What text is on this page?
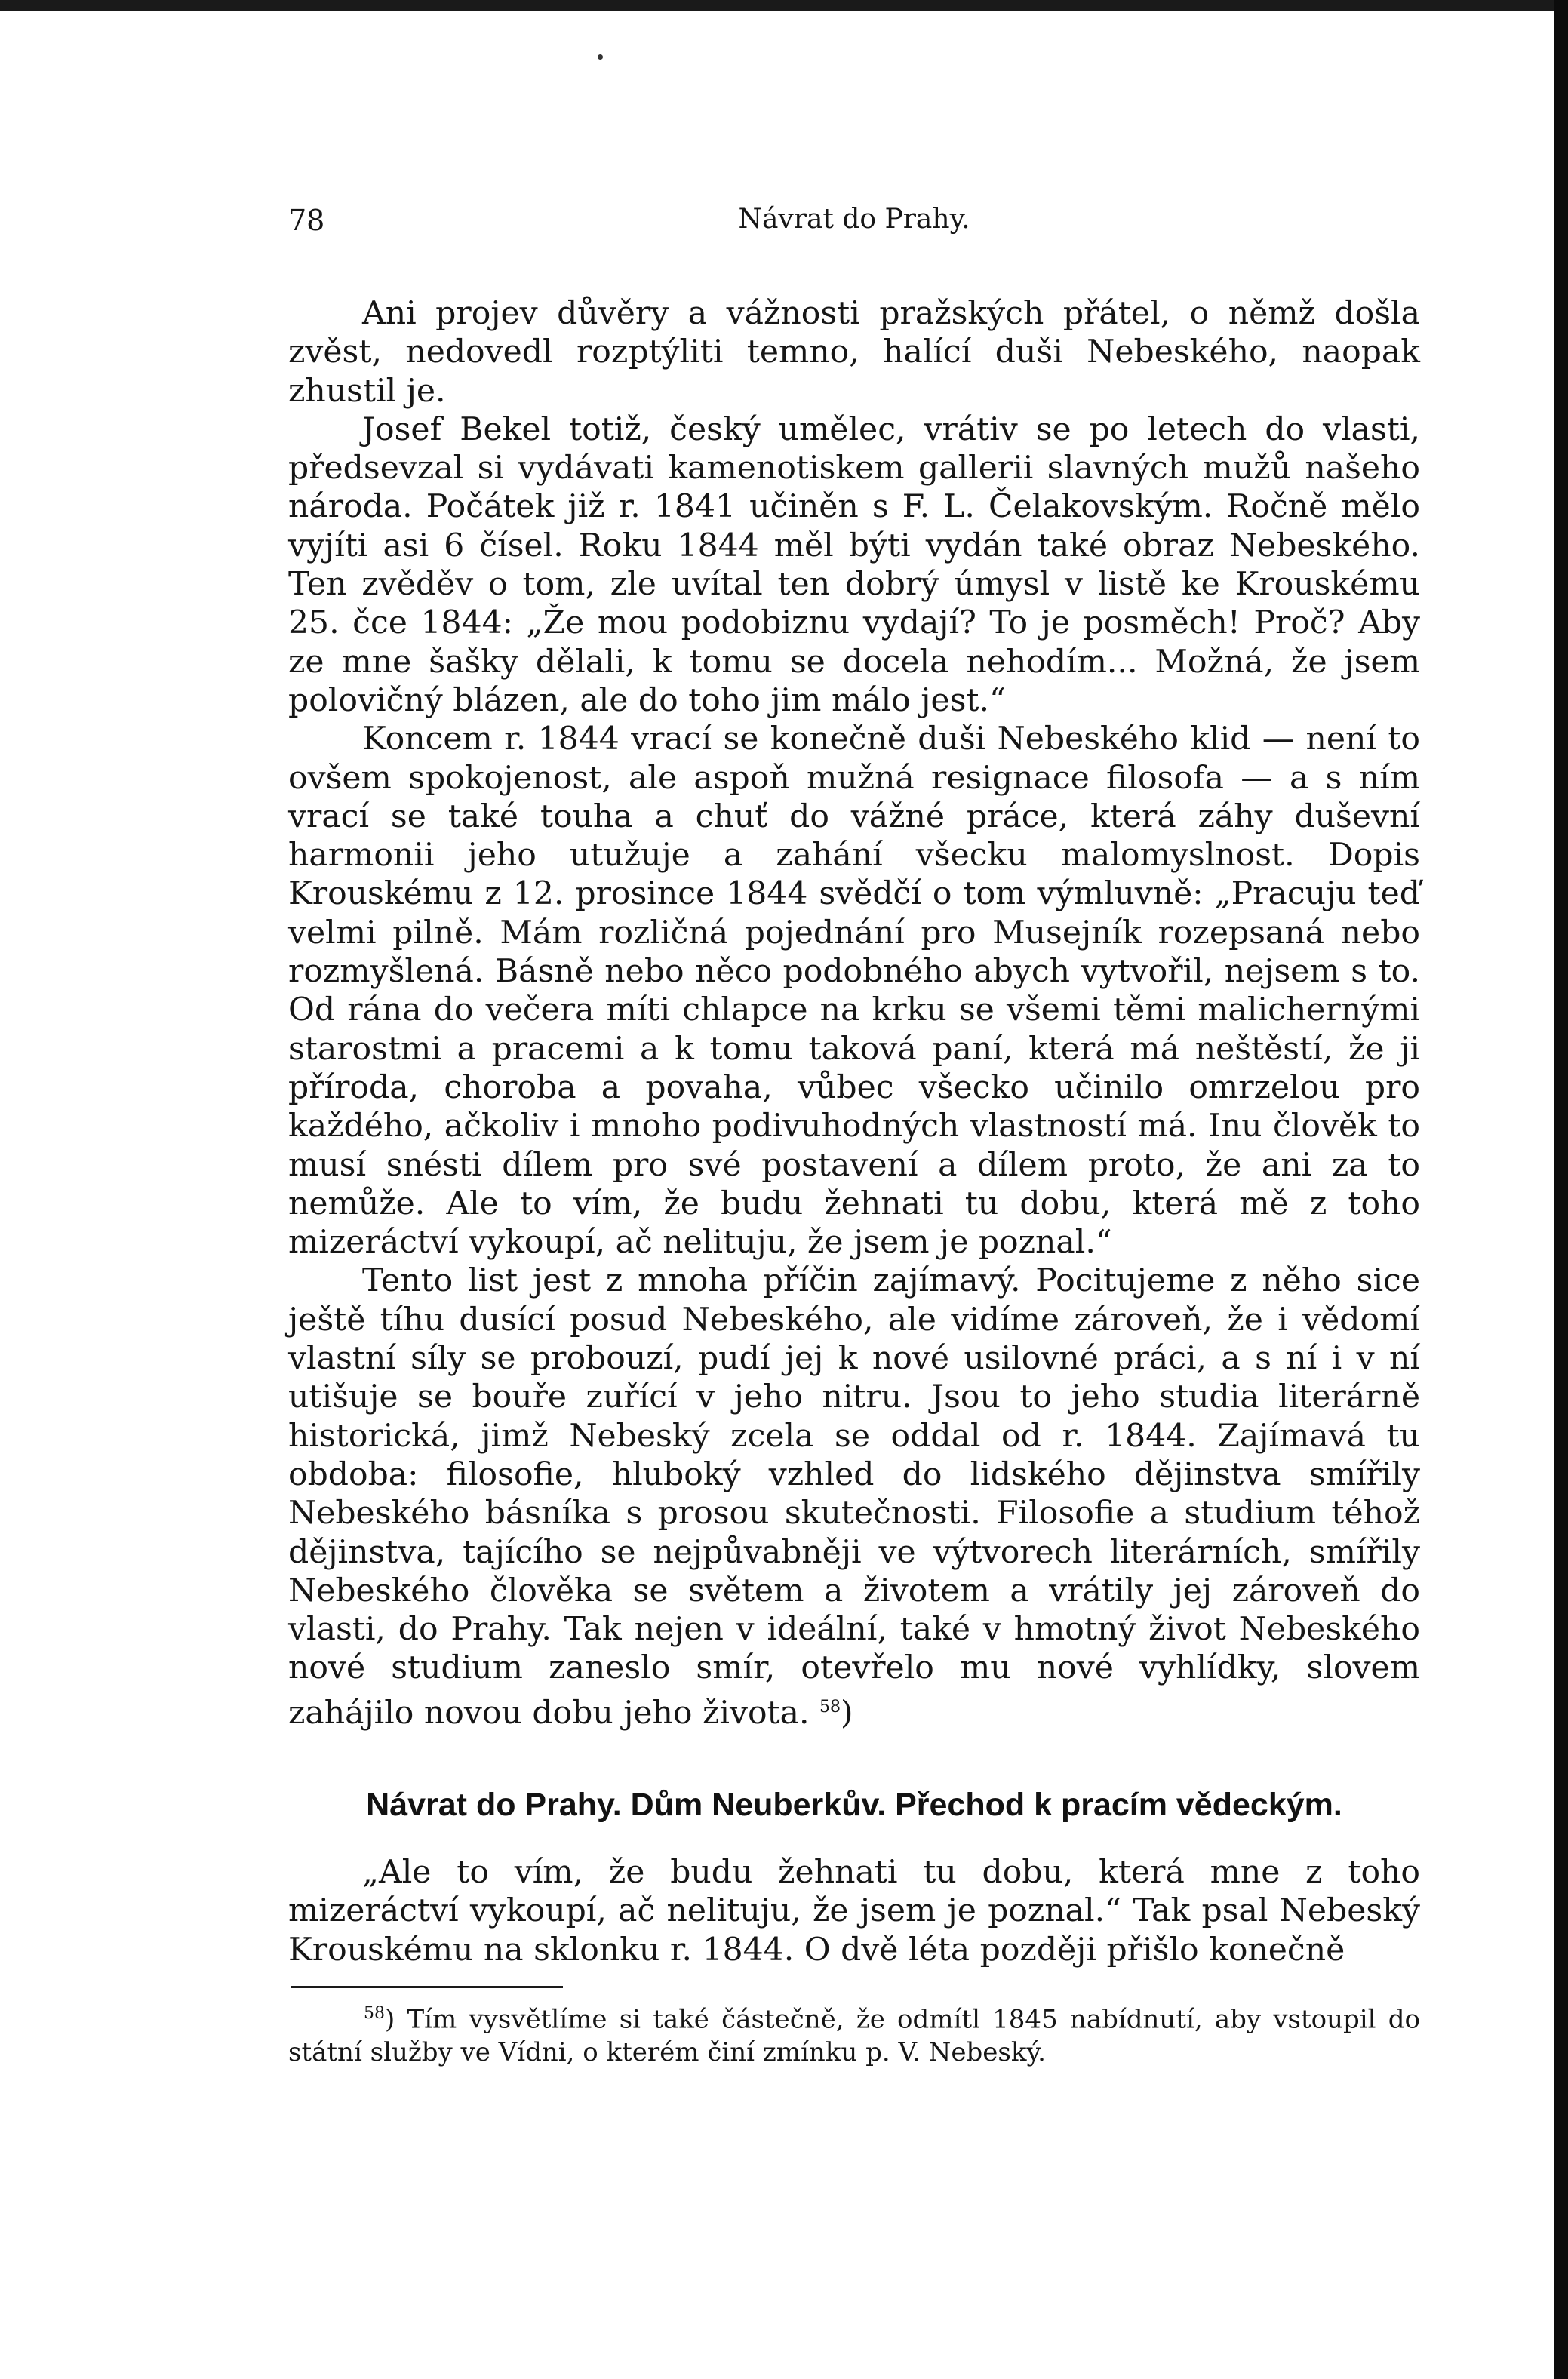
78	Návrat do Prahy.

Ani projev důvěry a vážnosti pražských přátel, o němž došla zvěst, nedovedl rozptýliti temno, halící duši Nebeského, naopak zhustil je.

Josef Bekel totiž, český umělec, vrátiv se po letech do vlasti, předsevzal si vydávati kamenotiskem gallerii slavných mužů našeho národa. Počátek již r. 1841 učiněn s F. L. Čelakovským. Ročně mělo vyjíti asi 6 čísel. Roku 1844 měl býti vydán také obraz Nebeského. Ten zvěděv o tom, zle uvítal ten dobrý úmysl v listě ke Krouskému 25. čce 1844: „Že mou podobiznu vydají? To je posměch! Proč? Aby ze mne šašky dělali, k tomu se docela nehodím... Možná, že jsem polovičný blázen, ale do toho jim málo jest.“

Koncem r. 1844 vrací se konečně duši Nebeského klid — není to ovšem spokojenost, ale aspoň mužná resignace filosofa — a s ním vrací se také touha a chuť do vážné práce, která záhy duševní harmonii jeho utužuje a zahání všecku malomyslnost. Dopis Krouskému z 12. prosince 1844 svědčí o tom výmluvně: „Pracuju teď velmi pilně. Mám rozličná pojednání pro Musejník rozepsaná nebo rozmyšlená. Básně nebo něco podobného abych vytvořil, nejsem s to. Od rána do večera míti chlapce na krku se všemi těmi malichernými starostmi a pracemi a k tomu taková paní, která má neštěstí, že ji příroda, choroba a povaha, vůbec všecko učinilo omrzelou pro každého, ačkoliv i mnoho podivuhodných vlastností má. Inu člověk to musí snésti dílem pro své postavení a dílem proto, že ani za to nemůže. Ale to vím, že budu žehnati tu dobu, která mě z toho mizeráctví vykoupí, ač nelituju, že jsem je poznal.“

Tento list jest z mnoha příčin zajímavý. Pocitujeme z něho sice ještě tíhu dusící posud Nebeského, ale vidíme zároveň, že i vědomí vlastní síly se probouzí, pudí jej k nové usilovné práci, a s ní i v ní utišuje se bouře zuřící v jeho nitru. Jsou to jeho studia literárně historická, jimž Nebeský zcela se oddal od r. 1844. Zajímavá tu obdoba: filosofie, hluboký vzhled do lidského dějinstva smířily Nebeského básníka s prosou skutečnosti. Filosofie a studium téhož dějinstva, tajícího se nejpůvabněji ve výtvorech literárních, smířily Nebeského člověka se světem a životem a vrátily jej zároveň do vlasti, do Prahy. Tak nejen v ideální, také v hmotný život Nebeského nové studium zaneslo smír, otevřelo mu nové vyhlídky, slovem zahájilo novou dobu jeho života. $^{58}$)

Návrat do Prahy. Dům Neuberkův. Přechod k pracím vědeckým.

„Ale to vím, že budu žehnati tu dobu, která mne z toho mizeráctví vykoupí, ač nelituju, že jsem je poznal.“ Tak psal Nebeský Krouskému na sklonku r. 1844. O dvě léta později přišlo konečně

$^{58}$) Tím vysvětlíme si také částečně, že odmítl 1845 nabídnutí, aby vstoupil do státní služby ve Vídni, o kterém činí zmínku p. V. Nebeský.
